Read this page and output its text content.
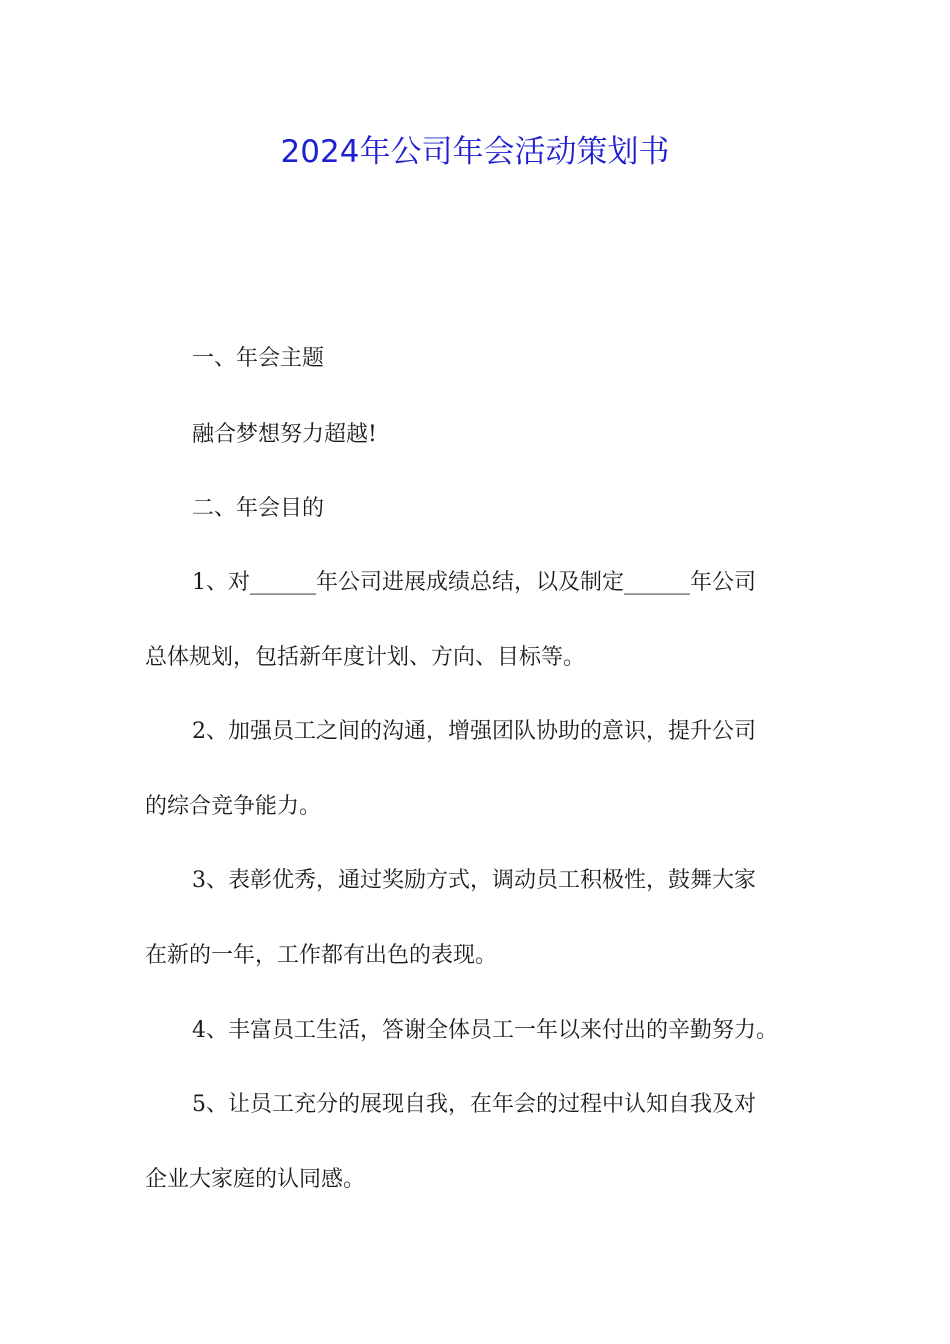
2024年公司年会活动策划书

一、年会主题

融合梦想努力超越!

二、年会目的

1、对______年公司进展成绩总结，以及制定______年公司

总体规划，包括新年度计划、方向、目标等。

2、加强员工之间的沟通，增强团队协助的意识，提升公司

的综合竞争能力。

3、表彰优秀，通过奖励方式，调动员工积极性，鼓舞大家

在新的一年，工作都有出色的表现。

4、丰富员工生活，答谢全体员工一年以来付出的辛勤努力。

5、让员工充分的展现自我，在年会的过程中认知自我及对

企业大家庭的认同感。
